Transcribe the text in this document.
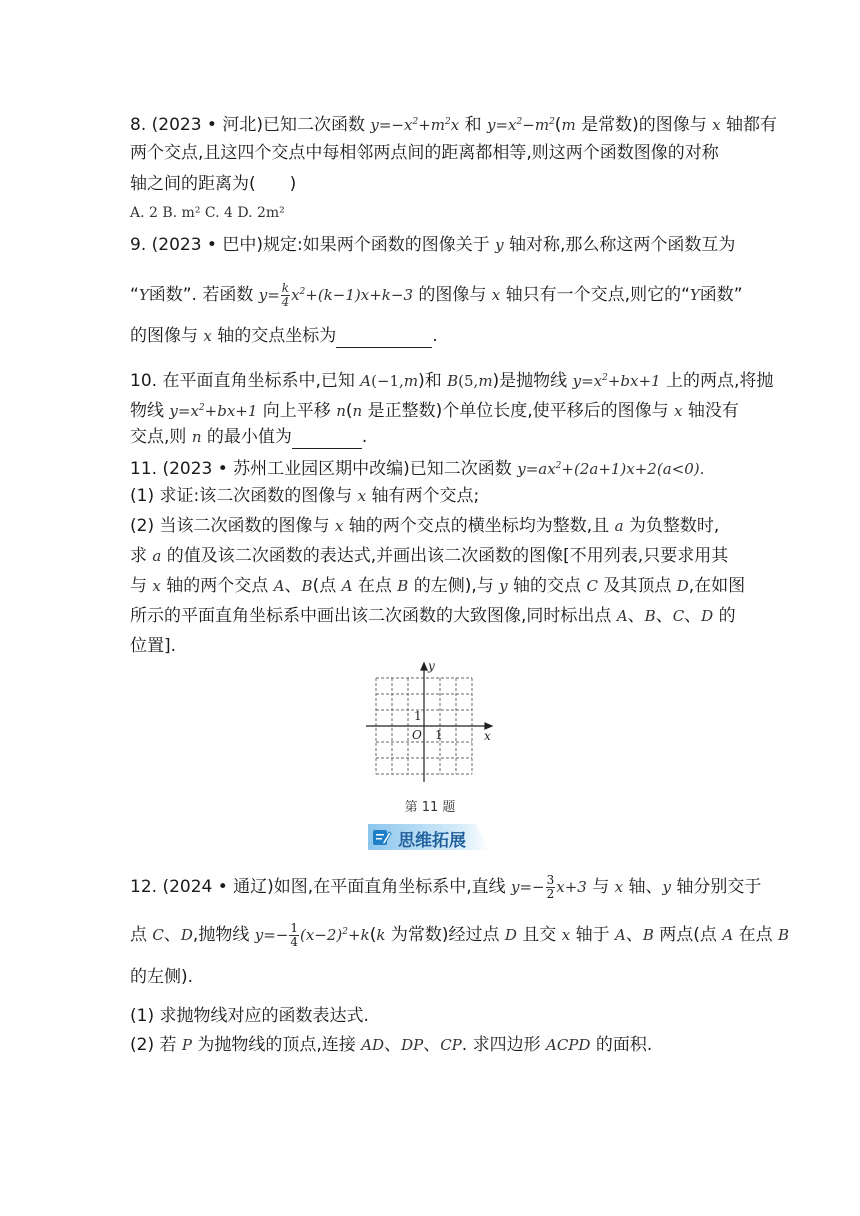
8. (2023 • 河北)已知二次函数 $y=-x^2+m^2x$ 和 $y=x^2-m^2(m$ 是常数)的图像与 x 轴都有
两个交点,且这四个交点中每相邻两点间的距离都相等,则这两个函数图像的对称
轴之间的距离为( )
A. 2 B. m² C. 4 D. 2m²
9. (2023 • 巴中)规定:如果两个函数的图像关于 y 轴对称,那么称这两个函数互为
“Y函数”. 若函数 $y= \frac{k}{4} x^2+(k-1)x+k-3$ 的图像与 x 轴只有一个交点,则它的“Y函数”
的图像与 x 轴的交点坐标为	.
10. 在平面直角坐标系中,已知 A(−1,m)和 B(5,m)是抛物线 $y=x^2+bx+1$ 上的两点,将抛
物线 $y=x^2+bx+1$ 向上平移 n(n 是正整数)个单位长度,使平移后的图像与 x 轴没有
交点,则 n 的最小值为	.
11. (2023 • 苏州工业园区期中改编)已知二次函数 $y=ax^2+(2a+1)x+2(a<0)$.
(1) 求证:该二次函数的图像与 x 轴有两个交点;
(2) 当该二次函数的图像与 x 轴的两个交点的横坐标均为整数,且 a 为负整数时,
求 a 的值及该二次函数的表达式,并画出该二次函数的图像[不用列表,只要求用其
与 x 轴的两个交点 A、B(点 A 在点 B 的左侧),与 y 轴的交点 C 及其顶点 D,在如图
所示的平面直角坐标系中画出该二次函数的大致图像,同时标出点 A、B、C、D 的
位置].
y
x
O 1
1
第 11 题
思维拓展
12. (2024 • 通辽)如图,在平面直角坐标系中,直线 $y=- \frac{3}{2} x+3$ 与 x 轴、y 轴分别交于
点 C、D,抛物线 $y=- \frac{1}{4} (x-2)^2+k(k$ 为常数)经过点 D 且交 x 轴于 A、B 两点(点 A 在点 B
的左侧).
(1) 求抛物线对应的函数表达式.
(2) 若 P 为抛物线的顶点,连接 AD、DP、CP. 求四边形 ACPD 的面积.
